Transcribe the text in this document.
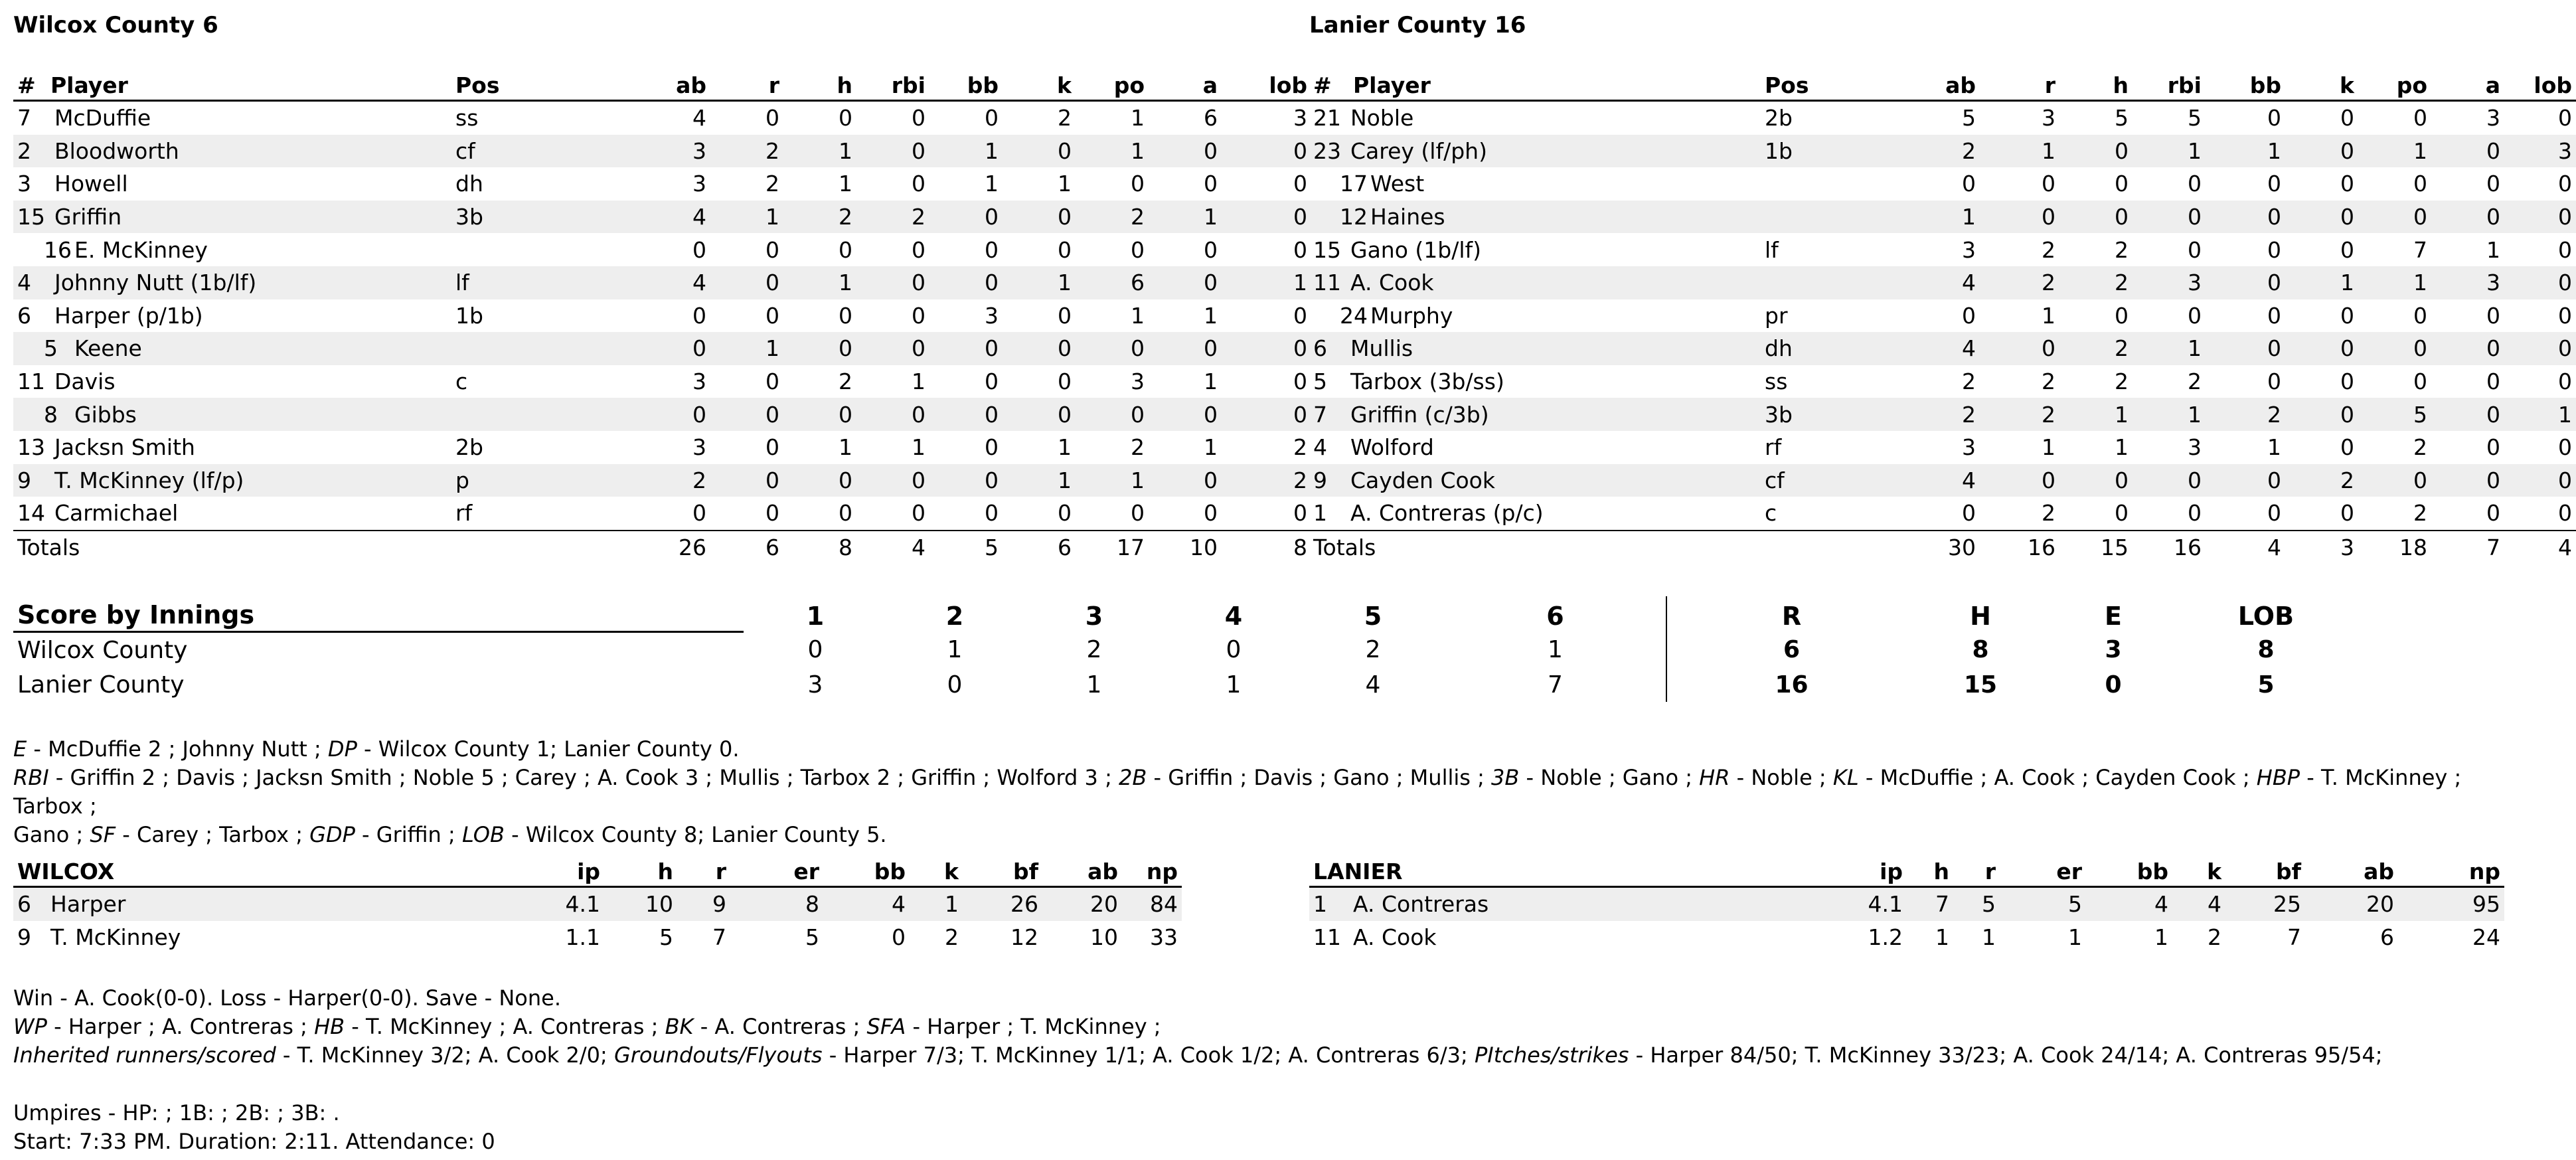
Wilcox County 6
#	Player	Pos	ab	r	h	rbi	bb	k	po	a	lob
7 McDuffie		ss	4	0	0	0	0	2	1	6	3
2 Bloodworth		cf	3	2	1	0	1	0	1	0	0
3 Howell		dh	3	2	1	0	1	1	0	0	0
15 Griffin		3b	4	1	2	2	0	0	2	1	0
16 E. McKinney			0	0	0	0	0	0	0	0	0
4 Johnny Nutt (1b/lf)		lf	4	0	1	0	0	1	6	0	1
6 Harper (p/1b)		1b	0	0	0	0	3	0	1	1	0
5 Keene			0	1	0	0	0	0	0	0	0
11 Davis		c	3	0	2	1	0	0	3	1	0
8 Gibbs			0	0	0	0	0	0	0	0	0
13 Jacksn Smith		2b	3	0	1	1	0	1	2	1	2
9 T. McKinney (lf/p)		p	2	0	0	0	0	1	1	0	2
14 Carmichael		rf	0	0	0	0	0	0	0	0	0
Totals			26	6	8	4	5	6	17	10	8
Lanier County 16
#	Player	Pos	ab	r	h	rbi	bb	k	po	a	lob
21 Noble		2b	5	3	5	5	0	0	0	3	0
23 Carey (lf/ph)		1b	2	1	0	1	1	0	1	0	3
17 West			0	0	0	0	0	0	0	0	0
12 Haines			1	0	0	0	0	0	0	0	0
15 Gano (1b/lf)		lf	3	2	2	0	0	0	7	1	0
11 A. Cook			4	2	2	3	0	1	1	3	0
24 Murphy		pr	0	1	0	0	0	0	0	0	0
6 Mullis		dh	4	0	2	1	0	0	0	0	0
5 Tarbox (3b/ss)		ss	2	2	2	2	0	0	0	0	0
7 Griffin (c/3b)		3b	2	2	1	1	2	0	5	0	1
4 Wolford		rf	3	1	1	3	1	0	2	0	0
9 Cayden Cook		cf	4	0	0	0	0	2	0	0	0
1 A. Contreras (p/c)		c	0	2	0	0	0	0	2	0	0
Totals			30	16	15	16	4	3	18	7	4
Score by Innings	1	2	3	4	5	6	R	H	E	LOB
Wilcox County	0	1	2	0	2	1	6	8	3	8
Lanier County	3	0	1	1	4	7	16	15	0	5

E - McDuffie 2 ; Johnny Nutt ; DP - Wilcox County 1; Lanier County 0.

RBI - Griffin 2 ; Davis ; Jacksn Smith ; Noble 5 ; Carey ; A. Cook 3 ; Mullis ; Tarbox 2 ; Griffin ; Wolford 3 ; 2B - Griffin ; Davis ; Gano ; Mullis ; 3B - Noble ; Gano ; HR - Noble ; KL - McDuffie ; A. Cook ; Cayden Cook ; HBP - T. McKinney ; Tarbox ;

Gano ; SF - Carey ; Tarbox ; GDP - Griffin ; LOB - Wilcox County 8; Lanier County 5.

WILCOX		ip	h	r	er	bb	k	bf	ab	np
6	Harper	4.1	10	9	8	4	1	26	20	84
9	T. McKinney	1.1	5	7	5	0	2	12	10	33
LANIER		ip	h	r	er	bb	k	bf	ab	np
1	A. Contreras	4.1	7	5	5	4	4	25	20	95
11	A. Cook	1.2	1	1	1	1	2	7	6	24

Win - A. Cook(0-0). Loss - Harper(0-0). Save - None.

WP - Harper ; A. Contreras ; HB - T. McKinney ; A. Contreras ; BK - A. Contreras ; SFA - Harper ; T. McKinney ;

Inherited runners/scored - T. McKinney 3/2; A. Cook 2/0; Groundouts/Flyouts - Harper 7/3; T. McKinney 1/1; A. Cook 1/2; A. Contreras 6/3; PItches/strikes - Harper 84/50; T. McKinney 33/23; A. Cook 24/14; A. Contreras 95/54;

Umpires - HP: ; 1B: ; 2B: ; 3B: .

Start: 7:33 PM. Duration: 2:11. Attendance: 0
